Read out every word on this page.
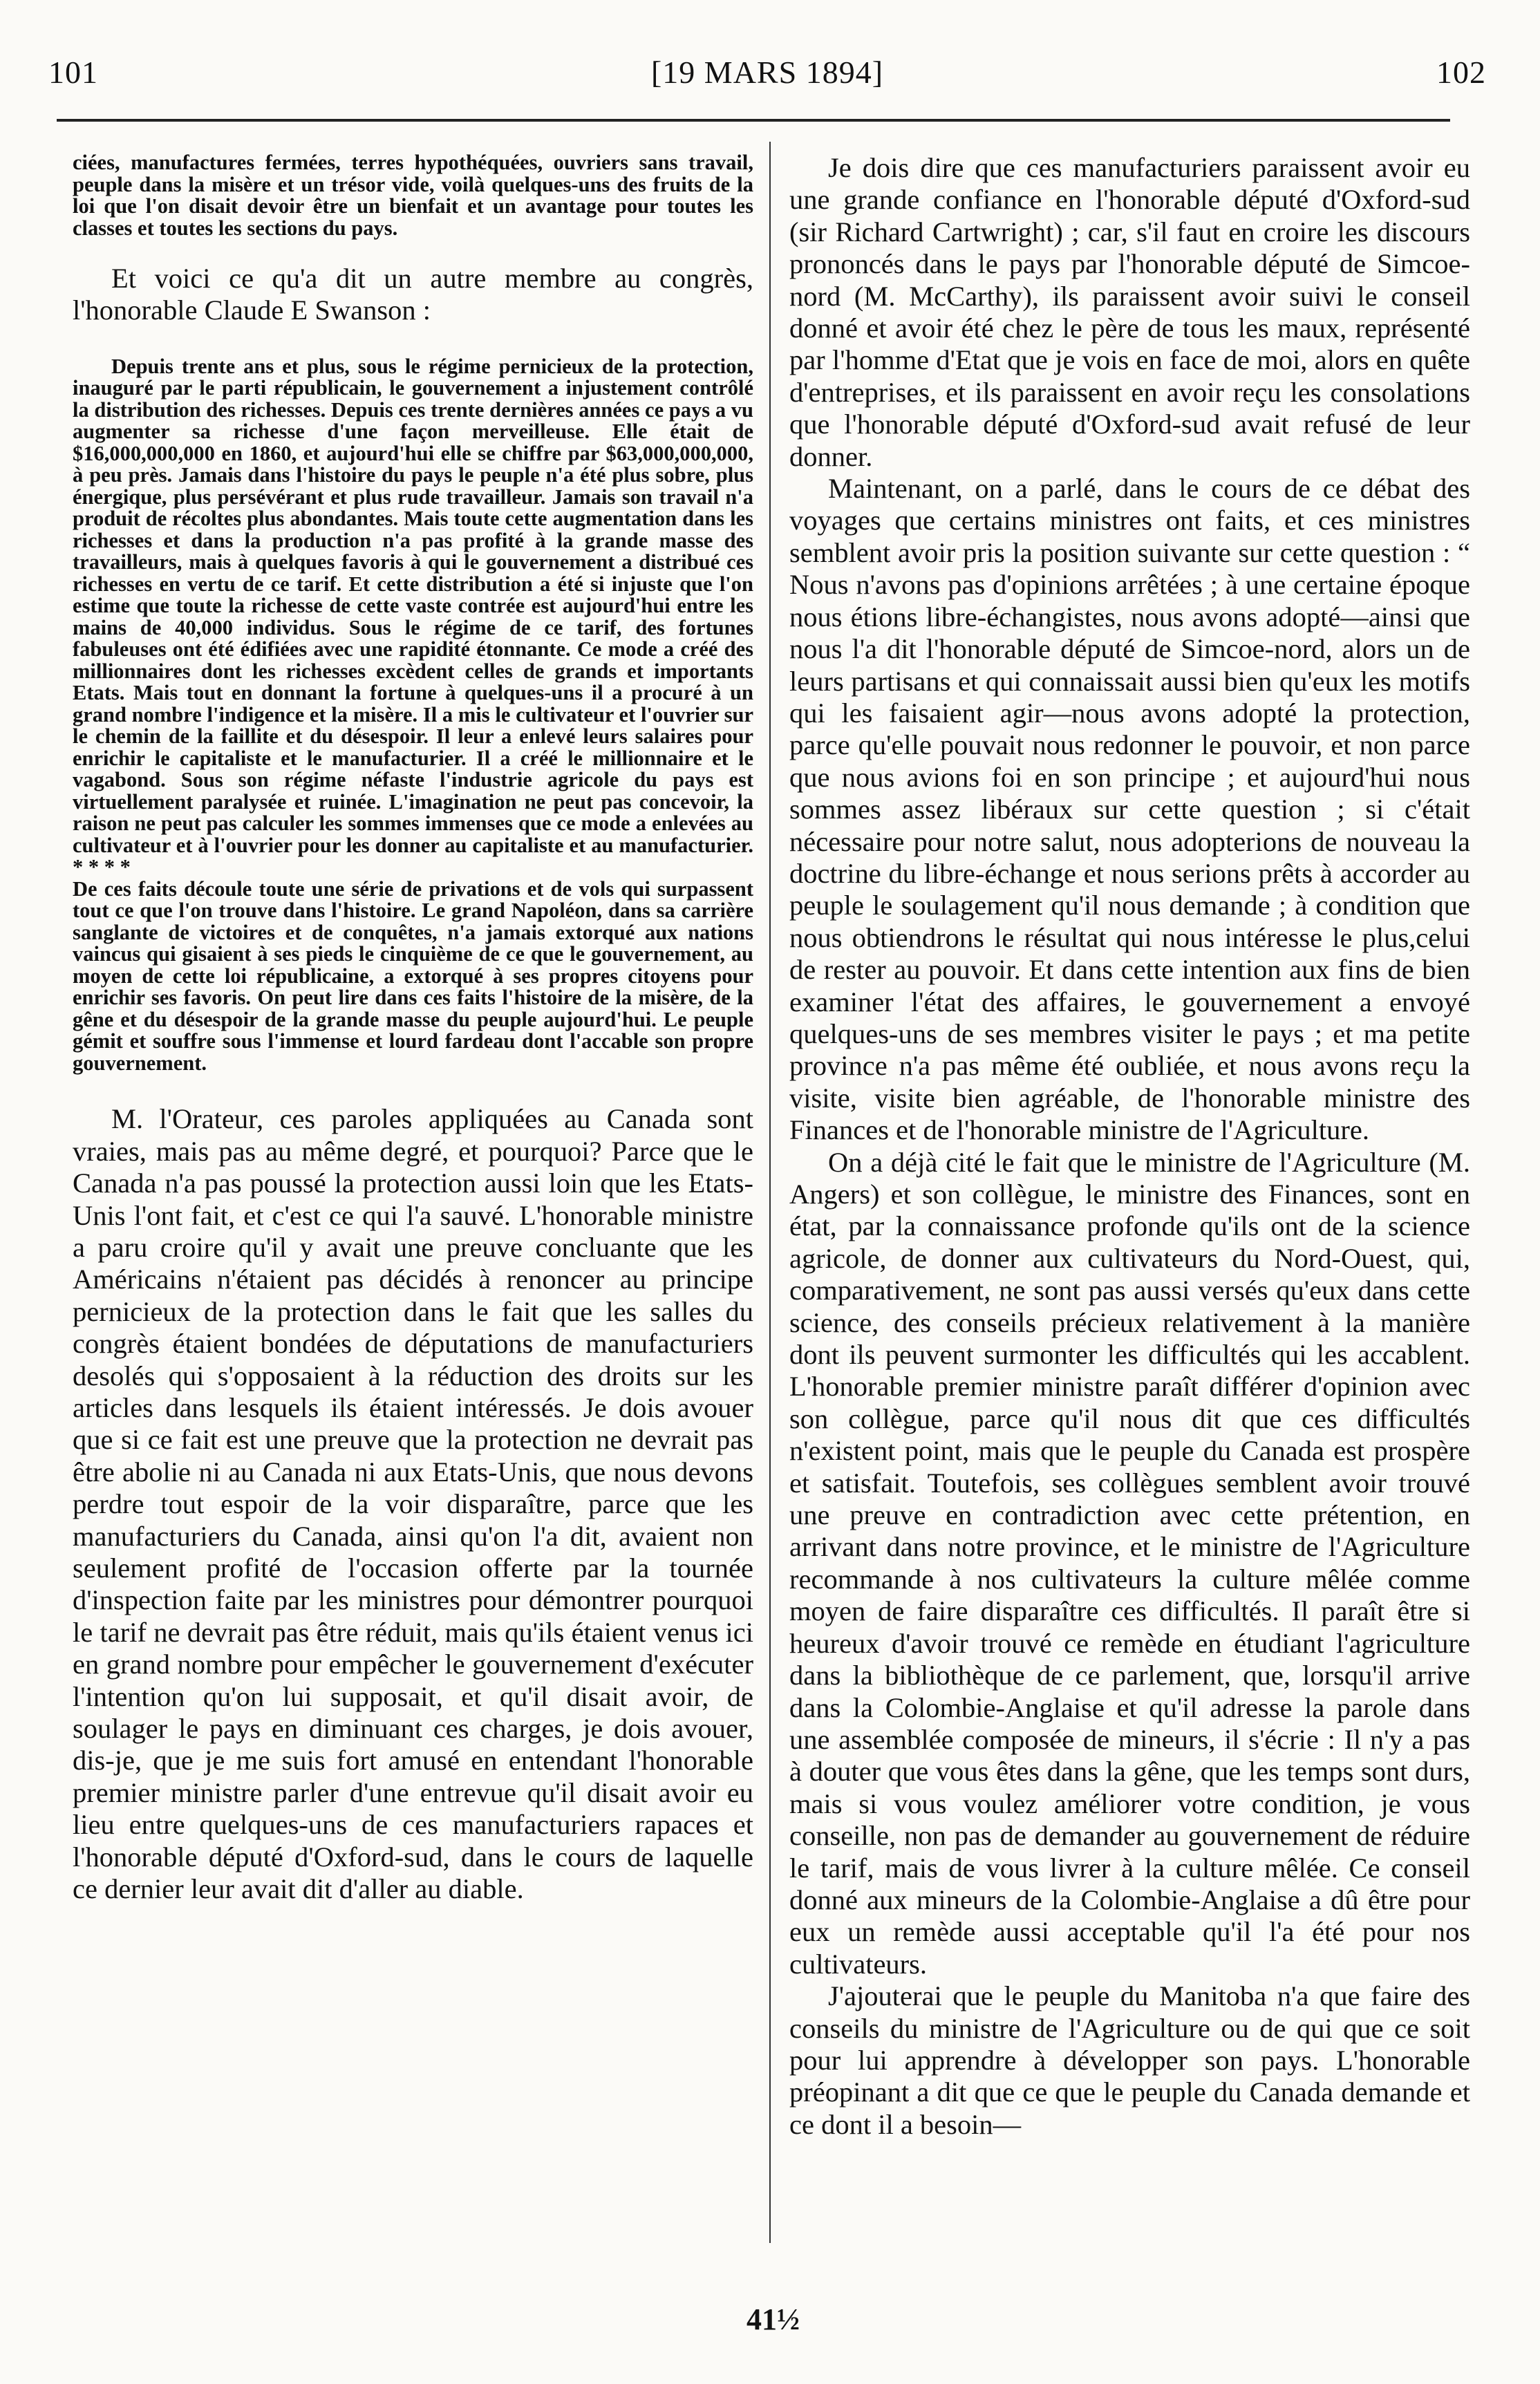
101	[19 MARS 1894]	102

ciées, manufactures fermées, terres hypothéquées, ouvriers sans travail, peuple dans la misère et un trésor vide, voilà quelques-uns des fruits de la loi que l'on disait devoir être un bienfait et un avantage pour toutes les classes et toutes les sections du pays.

Et voici ce qu'a dit un autre membre au congrès, l'honorable Claude E Swanson :

Depuis trente ans et plus, sous le régime pernicieux de la protection, inauguré par le parti républicain, le gouvernement a injustement contrôlé la distribution des richesses. Depuis ces trente dernières années ce pays a vu augmenter sa richesse d'une façon merveilleuse. Elle était de $16,000,000,000 en 1860, et aujourd'hui elle se chiffre par $63,000,000,000, à peu près. Jamais dans l'histoire du pays le peuple n'a été plus sobre, plus énergique, plus persévérant et plus rude travailleur. Jamais son travail n'a produit de récoltes plus abondantes. Mais toute cette augmentation dans les richesses et dans la production n'a pas profité à la grande masse des travailleurs, mais à quelques favoris à qui le gouvernement a distribué ces richesses en vertu de ce tarif. Et cette distribution a été si injuste que l'on estime que toute la richesse de cette vaste contrée est aujourd'hui entre les mains de 40,000 individus. Sous le régime de ce tarif, des fortunes fabuleuses ont été édifiées avec une rapidité étonnante. Ce mode a créé des millionnaires dont les richesses excèdent celles de grands et importants Etats. Mais tout en donnant la fortune à quelques-uns il a procuré à un grand nombre l'indigence et la misère. Il a mis le cultivateur et l'ouvrier sur le chemin de la faillite et du désespoir. Il leur a enlevé leurs salaires pour enrichir le capitaliste et le manufacturier. Il a créé le millionnaire et le vagabond. Sous son régime néfaste l'industrie agricole du pays est virtuellement paralysée et ruinée. L'imagination ne peut pas concevoir, la raison ne peut pas calculer les sommes immenses que ce mode a enlevées au cultivateur et à l'ouvrier pour les donner au capitaliste et au manufacturier. * * * *

De ces faits découle toute une série de privations et de vols qui surpassent tout ce que l'on trouve dans l'histoire. Le grand Napoléon, dans sa carrière sanglante de victoires et de conquêtes, n'a jamais extorqué aux nations vaincus qui gisaient à ses pieds le cinquième de ce que le gouvernement, au moyen de cette loi républicaine, a extorqué à ses propres citoyens pour enrichir ses favoris. On peut lire dans ces faits l'histoire de la misère, de la gêne et du désespoir de la grande masse du peuple aujourd'hui. Le peuple gémit et souffre sous l'immense et lourd fardeau dont l'accable son propre gouvernement.

M. l'Orateur, ces paroles appliquées au Canada sont vraies, mais pas au même degré, et pourquoi? Parce que le Canada n'a pas poussé la protection aussi loin que les Etats-Unis l'ont fait, et c'est ce qui l'a sauvé. L'honorable ministre a paru croire qu'il y avait une preuve concluante que les Américains n'étaient pas décidés à renoncer au principe pernicieux de la protection dans le fait que les salles du congrès étaient bondées de députations de manufacturiers desolés qui s'opposaient à la réduction des droits sur les articles dans lesquels ils étaient intéressés. Je dois avouer que si ce fait est une preuve que la protection ne devrait pas être abolie ni au Canada ni aux Etats-Unis, que nous devons perdre tout espoir de la voir disparaître, parce que les manufacturiers du Canada, ainsi qu'on l'a dit, avaient non seulement profité de l'occasion offerte par la tournée d'inspection faite par les ministres pour démontrer pourquoi le tarif ne devrait pas être réduit, mais qu'ils étaient venus ici en grand nombre pour empêcher le gouvernement d'exécuter l'intention qu'on lui supposait, et qu'il disait avoir, de soulager le pays en diminuant ces charges, je dois avouer, dis-je, que je me suis fort amusé en entendant l'honorable premier ministre parler d'une entrevue qu'il disait avoir eu lieu entre quelques-uns de ces manufacturiers rapaces et l'honorable député d'Oxford-sud, dans le cours de laquelle ce dernier leur avait dit d'aller au diable.

Je dois dire que ces manufacturiers paraissent avoir eu une grande confiance en l'honorable député d'Oxford-sud (sir Richard Cartwright) ; car, s'il faut en croire les discours prononcés dans le pays par l'honorable député de Simcoe-nord (M. McCarthy), ils paraissent avoir suivi le conseil donné et avoir été chez le père de tous les maux, représenté par l'homme d'Etat que je vois en face de moi, alors en quête d'entreprises, et ils paraissent en avoir reçu les consolations que l'honorable député d'Oxford-sud avait refusé de leur donner.

Maintenant, on a parlé, dans le cours de ce débat des voyages que certains ministres ont faits, et ces ministres semblent avoir pris la position suivante sur cette question : “ Nous n'avons pas d'opinions arrêtées ; à une certaine époque nous étions libre-échangistes, nous avons adopté—ainsi que nous l'a dit l'honorable député de Simcoe-nord, alors un de leurs partisans et qui connaissait aussi bien qu'eux les motifs qui les faisaient agir—nous avons adopté la protection, parce qu'elle pouvait nous redonner le pouvoir, et non parce que nous avions foi en son principe ; et aujourd'hui nous sommes assez libéraux sur cette question ; si c'était nécessaire pour notre salut, nous adopterions de nouveau la doctrine du libre-échange et nous serions prêts à accorder au peuple le soulagement qu'il nous demande ; à condition que nous obtiendrons le résultat qui nous intéresse le plus,celui de rester au pouvoir. Et dans cette intention aux fins de bien examiner l'état des affaires, le gouvernement a envoyé quelques-uns de ses membres visiter le pays ; et ma petite province n'a pas même été oubliée, et nous avons reçu la visite, visite bien agréable, de l'honorable ministre des Finances et de l'honorable ministre de l'Agriculture.

On a déjà cité le fait que le ministre de l'Agriculture (M. Angers) et son collègue, le ministre des Finances, sont en état, par la connaissance profonde qu'ils ont de la science agricole, de donner aux cultivateurs du Nord-Ouest, qui, comparativement, ne sont pas aussi versés qu'eux dans cette science, des conseils précieux relativement à la manière dont ils peuvent surmonter les difficultés qui les accablent. L'honorable premier ministre paraît différer d'opinion avec son collègue, parce qu'il nous dit que ces difficultés n'existent point, mais que le peuple du Canada est prospère et satisfait. Toutefois, ses collègues semblent avoir trouvé une preuve en contradiction avec cette prétention, en arrivant dans notre province, et le ministre de l'Agriculture recommande à nos cultivateurs la culture mêlée comme moyen de faire disparaître ces difficultés. Il paraît être si heureux d'avoir trouvé ce remède en étudiant l'agriculture dans la bibliothèque de ce parlement, que, lorsqu'il arrive dans la Colombie-Anglaise et qu'il adresse la parole dans une assemblée composée de mineurs, il s'écrie : Il n'y a pas à douter que vous êtes dans la gêne, que les temps sont durs, mais si vous voulez améliorer votre condition, je vous conseille, non pas de demander au gouvernement de réduire le tarif, mais de vous livrer à la culture mêlée. Ce conseil donné aux mineurs de la Colombie-Anglaise a dû être pour eux un remède aussi acceptable qu'il l'a été pour nos cultivateurs.

J'ajouterai que le peuple du Manitoba n'a que faire des conseils du ministre de l'Agriculture ou de qui que ce soit pour lui apprendre à développer son pays. L'honorable préopinant a dit que ce que le peuple du Canada demande et ce dont il a besoin—

41½
